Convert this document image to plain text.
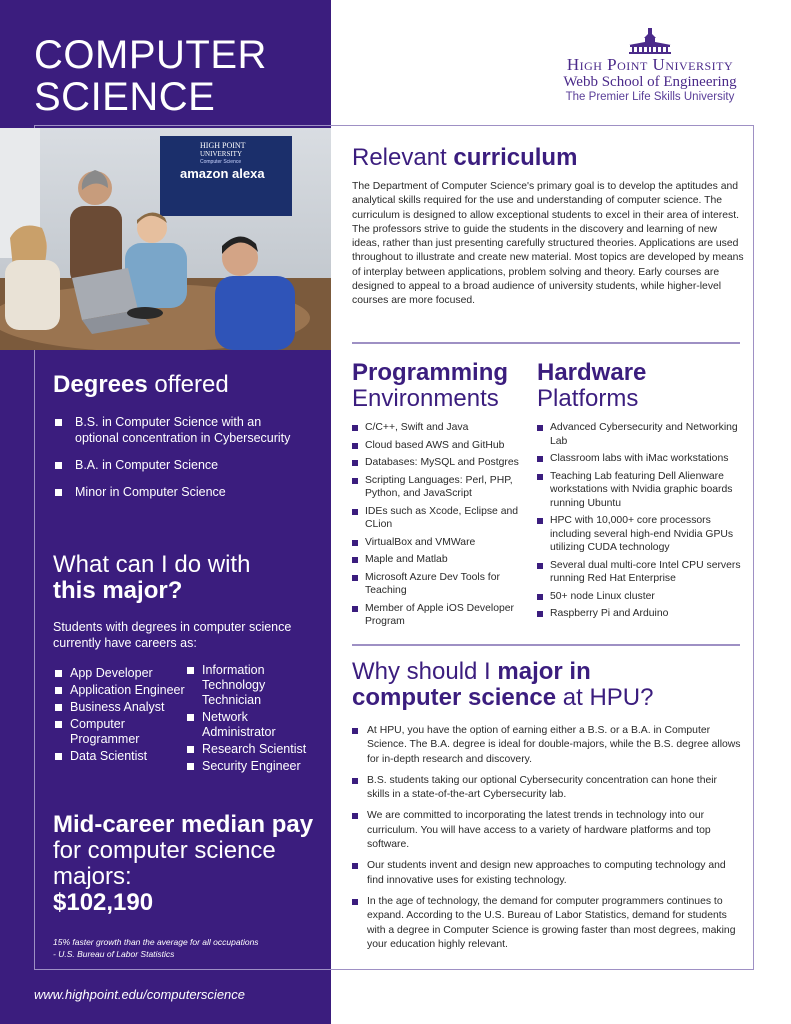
COMPUTER
SCIENCE
High Point University
Webb School of Engineering
The Premier Life Skills University
HIGH POINT
UNIVERSITY
Computer Science
amazon alexa
Degrees offered
B.S. in Computer Science with an optional concentration in Cybersecurity
B.A. in Computer Science
Minor in Computer Science
What can I do with
this major?

Students with degrees in computer science currently have careers as:

App Developer
Application Engineer
Business Analyst
Computer Programmer
Data Scientist
Information Technology Technician
Network Administrator
Research Scientist
Security Engineer
Mid-career median pay for computer science majors:
$102,190

15% faster growth than the average for all occupations
- U.S. Bureau of Labor Statistics

www.highpoint.edu/computerscience
Relevant curriculum

The Department of Computer Science's primary goal is to develop the aptitudes and analytical skills required for the use and understanding of computer science. The curriculum is designed to allow exceptional students to excel in their area of interest. The professors strive to guide the students in the discovery and learning of new ideas, rather than just presenting carefully structured theories. Applications are used throughout to illustrate and create new material. Most topics are developed by means of interplay between applications, problem solving and theory. Early courses are designed to appeal to a broad audience of university students, while higher-level courses are more focused.

Programming
Environments
Hardware
Platforms
C/C++, Swift and Java
Cloud based AWS and GitHub
Databases: MySQL and Postgres
Scripting Languages: Perl, PHP, Python, and JavaScript
IDEs such as Xcode, Eclipse and CLion
VirtualBox and VMWare
Maple and Matlab
Microsoft Azure Dev Tools for Teaching
Member of Apple iOS Developer Program
Advanced Cybersecurity and Networking Lab
Classroom labs with iMac workstations
Teaching Lab featuring Dell Alienware workstations with Nvidia graphic boards running Ubuntu
HPC with 10,000+ core processors including several high-end Nvidia GPUs utilizing CUDA technology
Several dual multi-core Intel CPU servers running Red Hat Enterprise
50+ node Linux cluster
Raspberry Pi and Arduino
Why should I major in
computer science at HPU?
At HPU, you have the option of earning either a B.S. or a B.A. in Computer Science. The B.A. degree is ideal for double-majors, while the B.S. degree allows for in-depth research and discovery.
B.S. students taking our optional Cybersecurity concentration can hone their skills in a state-of-the-art Cybersecurity lab.
We are committed to incorporating the latest trends in technology into our curriculum. You will have access to a variety of hardware platforms and top software.
Our students invent and design new approaches to computing technology and find innovative uses for existing technology.
In the age of technology, the demand for computer programmers continues to expand. According to the U.S. Bureau of Labor Statistics, demand for students with a degree in Computer Science is growing faster than most degrees, making your education highly relevant.
